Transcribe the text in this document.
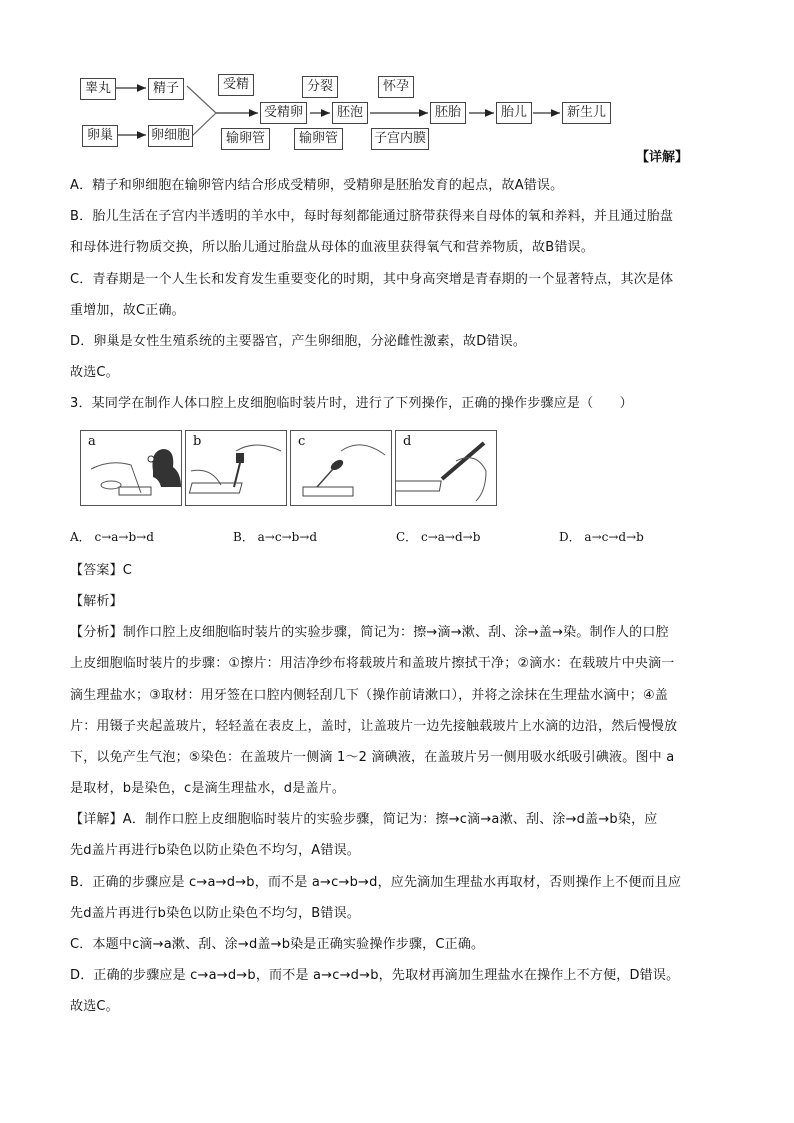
睾丸	精子
卵巢	卵细胞
受精
输卵管
受精卵
分裂
输卵管
胚泡
怀孕
子宫内膜
胚胎	胎儿	新生儿
【详解】
A．精子和卵细胞在输卵管内结合形成受精卵，受精卵是胚胎发育的起点，故A错误。
B．胎儿生活在子宫内半透明的羊水中，每时每刻都能通过脐带获得来自母体的氧和养料，并且通过胎盘
和母体进行物质交换，所以胎儿通过胎盘从母体的血液里获得氧气和营养物质，故B错误。
C．青春期是一个人生长和发育发生重要变化的时期，其中身高突增是青春期的一个显著特点，其次是体
重增加，故C正确。
D．卵巢是女性生殖系统的主要器官，产生卵细胞，分泌雌性激素，故D错误。
故选C。
3．某同学在制作人体口腔上皮细胞临时装片时，进行了下列操作，正确的操作步骤应是（　　）
a	b	c	d
A． c→a→b→d	B． a→c→b→d	C． c→a→d→b	D． a→c→d→b
【答案】C
【解析】
【分析】制作口腔上皮细胞临时装片的实验步骤，简记为：擦→滴→漱、刮、涂→盖→染。制作人的口腔
上皮细胞临时装片的步骤：①擦片：用洁净纱布将载玻片和盖玻片擦拭干净；②滴水：在载玻片中央滴一
滴生理盐水；③取材：用牙签在口腔内侧轻刮几下（操作前请漱口），并将之涂抹在生理盐水滴中；④盖
片：用镊子夹起盖玻片，轻轻盖在表皮上，盖时，让盖玻片一边先接触载玻片上水滴的边沿，然后慢慢放
下，以免产生气泡；⑤染色：在盖玻片一侧滴 1～2 滴碘液，在盖玻片另一侧用吸水纸吸引碘液。图中 a
是取材，b是染色，c是滴生理盐水，d是盖片。
【详解】A．制作口腔上皮细胞临时装片的实验步骤，简记为：擦→c滴→a漱、刮、涂→d盖→b染，应
先d盖片再进行b染色以防止染色不均匀，A错误。
B．正确的步骤应是 c→a→d→b，而不是 a→c→b→d，应先滴加生理盐水再取材，否则操作上不便而且应
先d盖片再进行b染色以防止染色不均匀，B错误。
C．本题中c滴→a漱、刮、涂→d盖→b染是正确实验操作步骤，C正确。
D．正确的步骤应是 c→a→d→b，而不是 a→c→d→b，先取材再滴加生理盐水在操作上不方便，D错误。
故选C。
